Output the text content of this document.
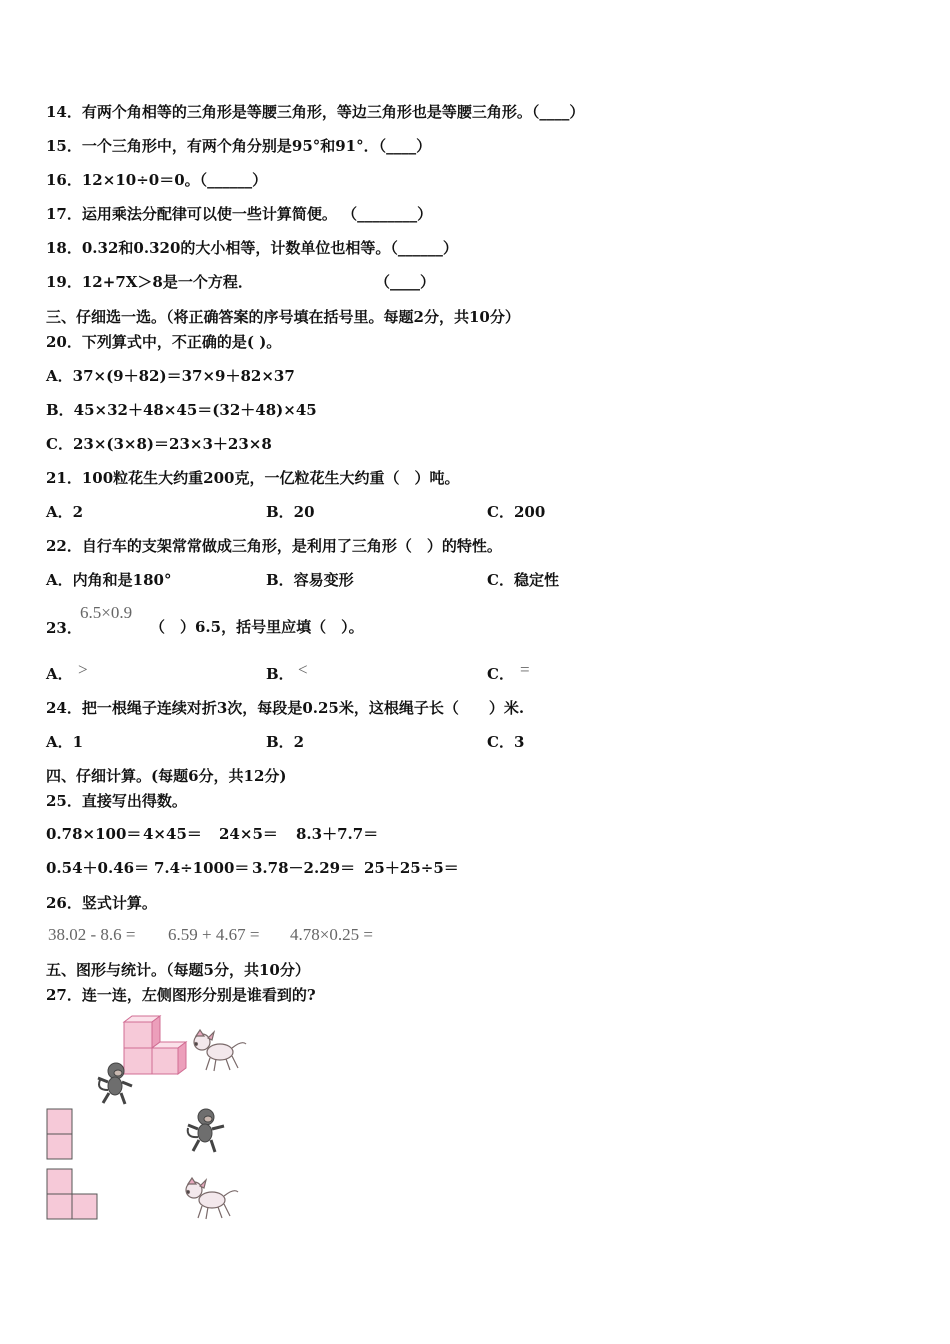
14．有两个角相等的三角形是等腰三角形，等边三角形也是等腰三角形。（____）
15．一个三角形中，有两个角分别是95°和91°．（____）
16．12×10÷0＝0。（______）
17．运用乘法分配律可以使一些计算简便。 （________）
18．0.32和0.320的大小相等，计数单位也相等。（______）
19．12+7X＞8是一个方程．	（____）
三、仔细选一选。（将正确答案的序号填在括号里。每题2分，共10分）
20．下列算式中，不正确的是( )。
A．37×(9＋82)＝37×9＋82×37
B．45×32＋48×45＝(32＋48)×45
C．23×(3×8)＝23×3＋23×8
21．100粒花生大约重200克，一亿粒花生大约重（　）吨。
A．2	B．20	C．200
22．自行车的支架常常做成三角形，是利用了三角形（　）的特性。
A．内角和是180°	B．容易变形	C．稳定性
23．
6.5×0.9
（　）6.5，括号里应填（　）。
A． >	B． <	C． =
24．把一根绳子连续对折3次，每段是0.25米，这根绳子长（　　）米.
A．1	B．2	C．3
四、仔细计算。(每题6分，共12分)
25．直接写出得数。
0.78×100＝ 4×45＝ 24×5＝ 8.3＋7.7＝
0.54＋0.46＝ 7.4÷1000＝ 3.78－2.29＝ 25＋25÷5＝
26．竖式计算。
38.02 - 8.6 = 6.59 + 4.67 = 4.78×0.25 =
五、图形与统计。（每题5分，共10分）
27．连一连，左侧图形分别是谁看到的?
